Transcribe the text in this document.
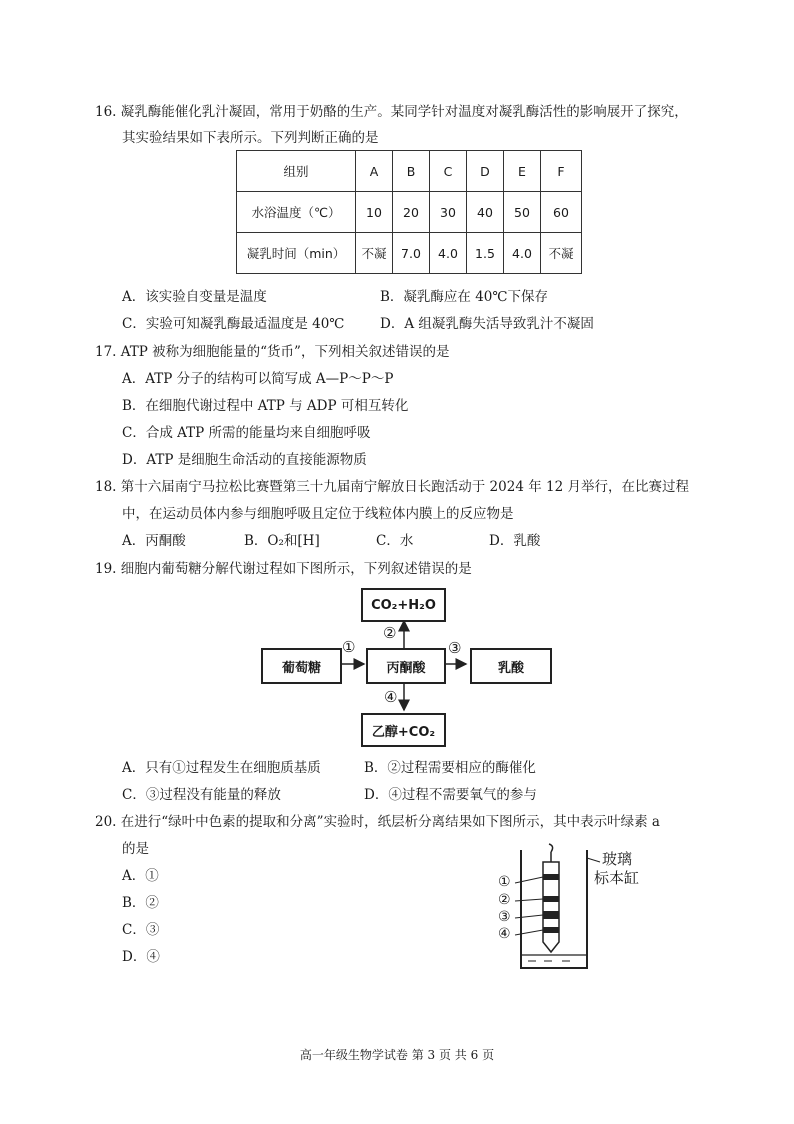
16. 凝乳酶能催化乳汁凝固，常用于奶酪的生产。某同学针对温度对凝乳酶活性的影响展开了探究，
其实验结果如下表所示。下列判断正确的是
组别	A	B	C	D	E	F
水浴温度（℃）	10	20	30	40	50	60
凝乳时间（min）	不凝	7.0	4.0	1.5	4.0	不凝
A．该实验自变量是温度	B．凝乳酶应在 40℃下保存
C．实验可知凝乳酶最适温度是 40℃	D．A 组凝乳酶失活导致乳汁不凝固
17. ATP 被称为细胞能量的“货币”，下列相关叙述错误的是
A．ATP 分子的结构可以简写成 A—P～P～P
B．在细胞代谢过程中 ATP 与 ADP 可相互转化
C．合成 ATP 所需的能量均来自细胞呼吸
D．ATP 是细胞生命活动的直接能源物质
18. 第十六届南宁马拉松比赛暨第三十九届南宁解放日长跑活动于 2024 年 12 月举行，在比赛过程
中，在运动员体内参与细胞呼吸且定位于线粒体内膜上的反应物是
A．丙酮酸	B．O₂和[H]	C．水	D．乳酸
19. 细胞内葡萄糖分解代谢过程如下图所示，下列叙述错误的是
CO₂+H₂O
葡萄糖	丙酮酸	乳酸
乙醇+CO₂
①
②
③
④
A．只有①过程发生在细胞质基质	B．②过程需要相应的酶催化
C．③过程没有能量的释放	D．④过程不需要氧气的参与
20. 在进行“绿叶中色素的提取和分离”实验时，纸层析分离结果如下图所示，其中表示叶绿素 a
的是
A．①
B．②
C．③
D．④
①
②
③
④
玻璃
标本缸
高一年级生物学试卷 第 3 页 共 6 页
